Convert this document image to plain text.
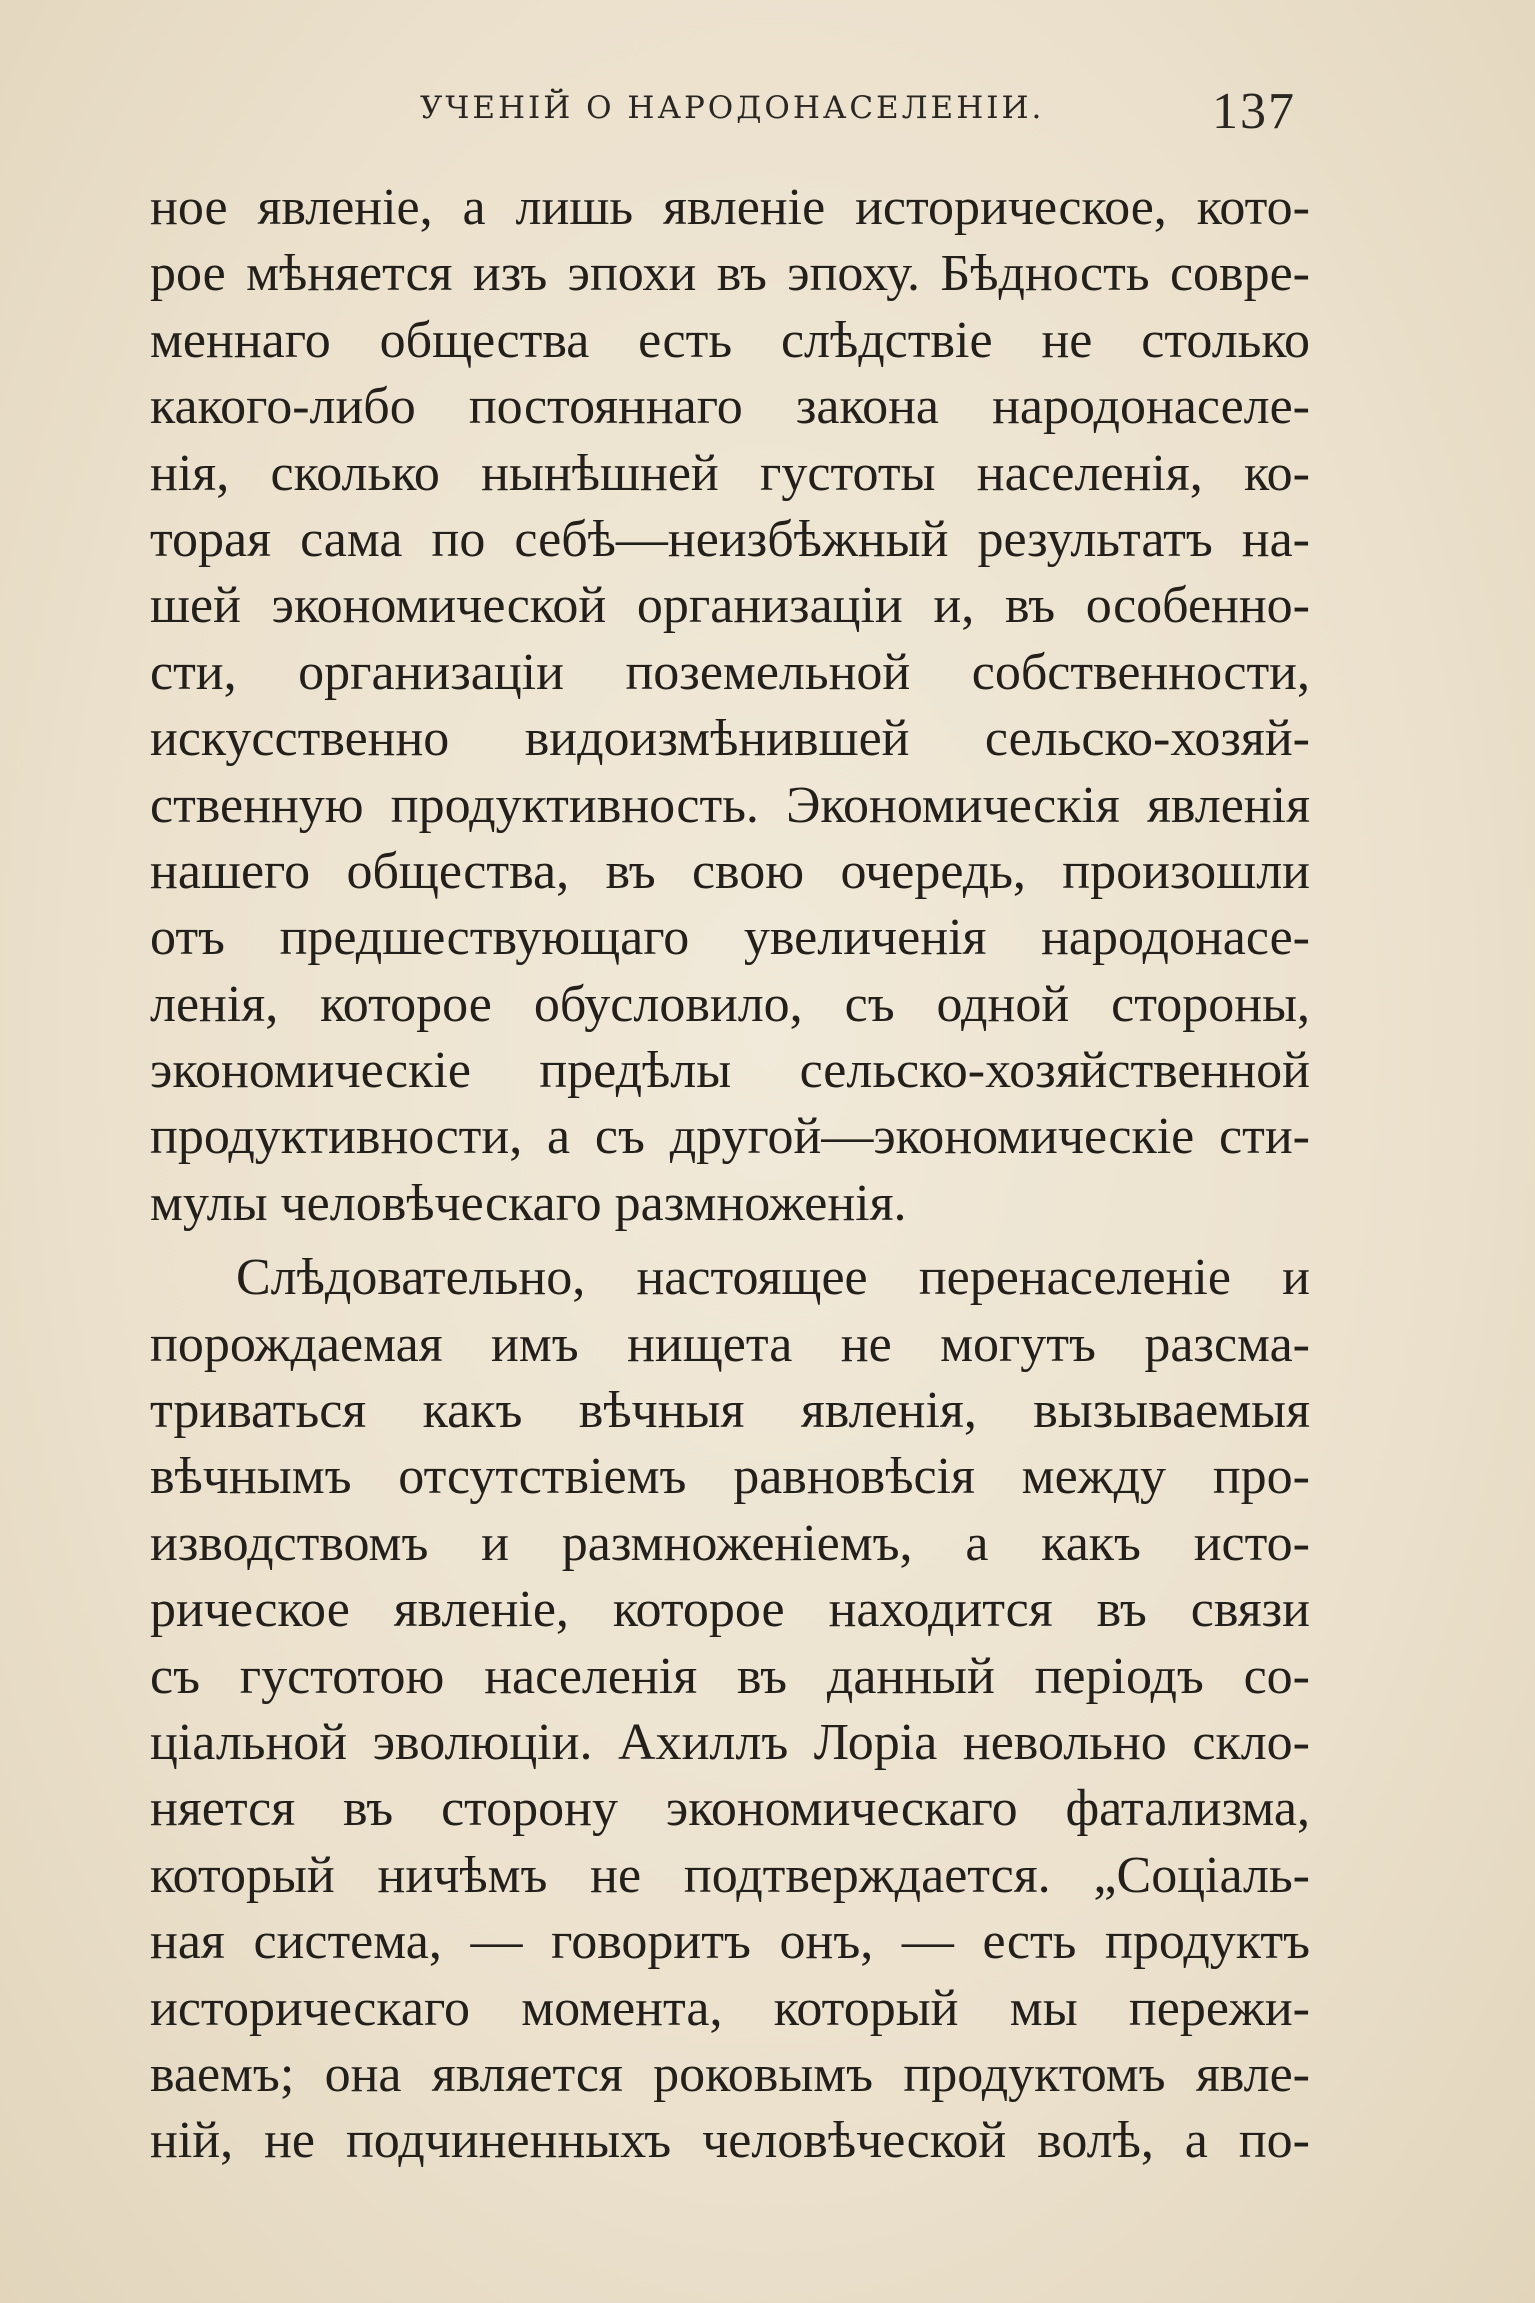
УЧЕНІЙ О НАРОДОНАСЕЛЕНІИ.	137
ное явленіе, а лишь явленіе историческое, кото-
рое мѣняется изъ эпохи въ эпоху. Бѣдность совре-
меннаго общества есть слѣдствіе не столько
какого-либо постояннаго закона народонаселе-
нія, сколько нынѣшней густоты населенія, ко-
торая сама по себѣ—неизбѣжный результатъ на-
шей экономической организаціи и, въ особенно-
сти, организаціи поземельной собственности,
искусственно видоизмѣнившей сельско-хозяй-
ственную продуктивность. Экономическія явленія
нашего общества, въ свою очередь, произошли
отъ предшествующаго увеличенія народонасе-
ленія, которое обусловило, съ одной стороны,
экономическіе предѣлы сельско-хозяйственной
продуктивности, а съ другой—экономическіе сти-
мулы человѣческаго размноженія.
Слѣдовательно, настоящее перенаселеніе и
порождаемая имъ нищета не могутъ разсма-
триваться какъ вѣчныя явленія, вызываемыя
вѣчнымъ отсутствіемъ равновѣсія между про-
изводствомъ и размноженіемъ, а какъ исто-
рическое явленіе, которое находится въ связи
съ густотою населенія въ данный періодъ со-
ціальной эволюціи. Ахиллъ Лоріа невольно скло-
няется въ сторону экономическаго фатализма,
который ничѣмъ не подтверждается. „Соціаль-
ная система, — говоритъ онъ, — есть продуктъ
историческаго момента, который мы пережи-
ваемъ; она является роковымъ продуктомъ явле-
ній, не подчиненныхъ человѣческой волѣ, а по-
